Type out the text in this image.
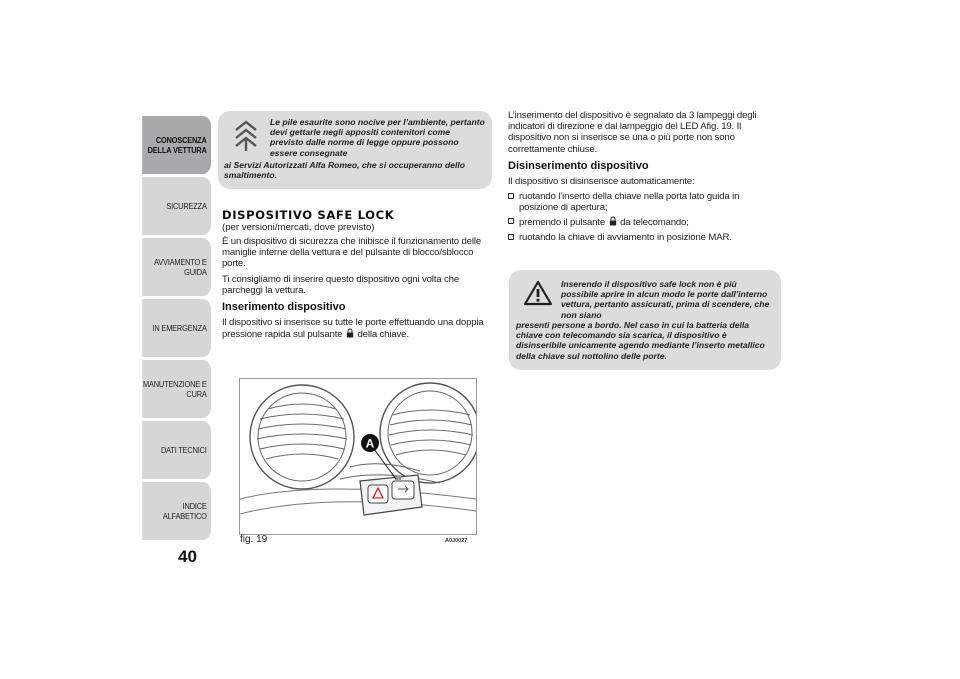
CONOSCENZA
DELLA VETTURA
SICUREZZA
AVVIAMENTO E
GUIDA
IN EMERGENZA
MANUTENZIONE E
CURA
DATI TECNICI
INDICE ALFABETICO
40
Le pile esaurite sono nocive per l’ambiente, pertanto devi gettarle negli appositi contenitori come previsto dalle norme di legge oppure possono essere consegnate
ai Servizi Autorizzati Alfa Romeo, che si occuperanno dello smaltimento.
DISPOSITIVO SAFE LOCK
(per versioni/mercati, dove previsto)

È un dispositivo di sicurezza che inibisce il funzionamento delle maniglie interne della vettura e del pulsante di blocco/sblocco porte.

Ti consigliamo di inserire questo dispositivo ogni volta che parcheggi la vettura.

Inserimento dispositivo

Il dispositivo si inserisce su tutte le porte effettuando una doppia pressione rapida sul pulsante della chiave.

A
fig. 19	A0J0027

L’inserimento del dispositivo è segnalato da 3 lampeggi degli indicatori di direzione e dal lampeggio del LED Afig. 19. Il dispositivo non si inserisce se una o più porte non sono correttamente chiuse.

Disinserimento dispositivo

Il dispositivo si disinserisce automaticamente:

ruotando l’inserto della chiave nella porta lato guida in posizione di apertura;
premendo il pulsante da telecomando;
ruotando la chiave di avviamento in posizione MAR.
Inserendo il dispositivo safe lock non è più possibile aprire in alcun modo le porte dall’interno vettura, pertanto assicurati, prima di scendere, che non siano
presenti persone a bordo. Nel caso in cui la batteria della chiave con telecomando sia scarica, il dispositivo è disinseribile unicamente agendo mediante l’inserto metallico della chiave sul nottolino delle porte.
